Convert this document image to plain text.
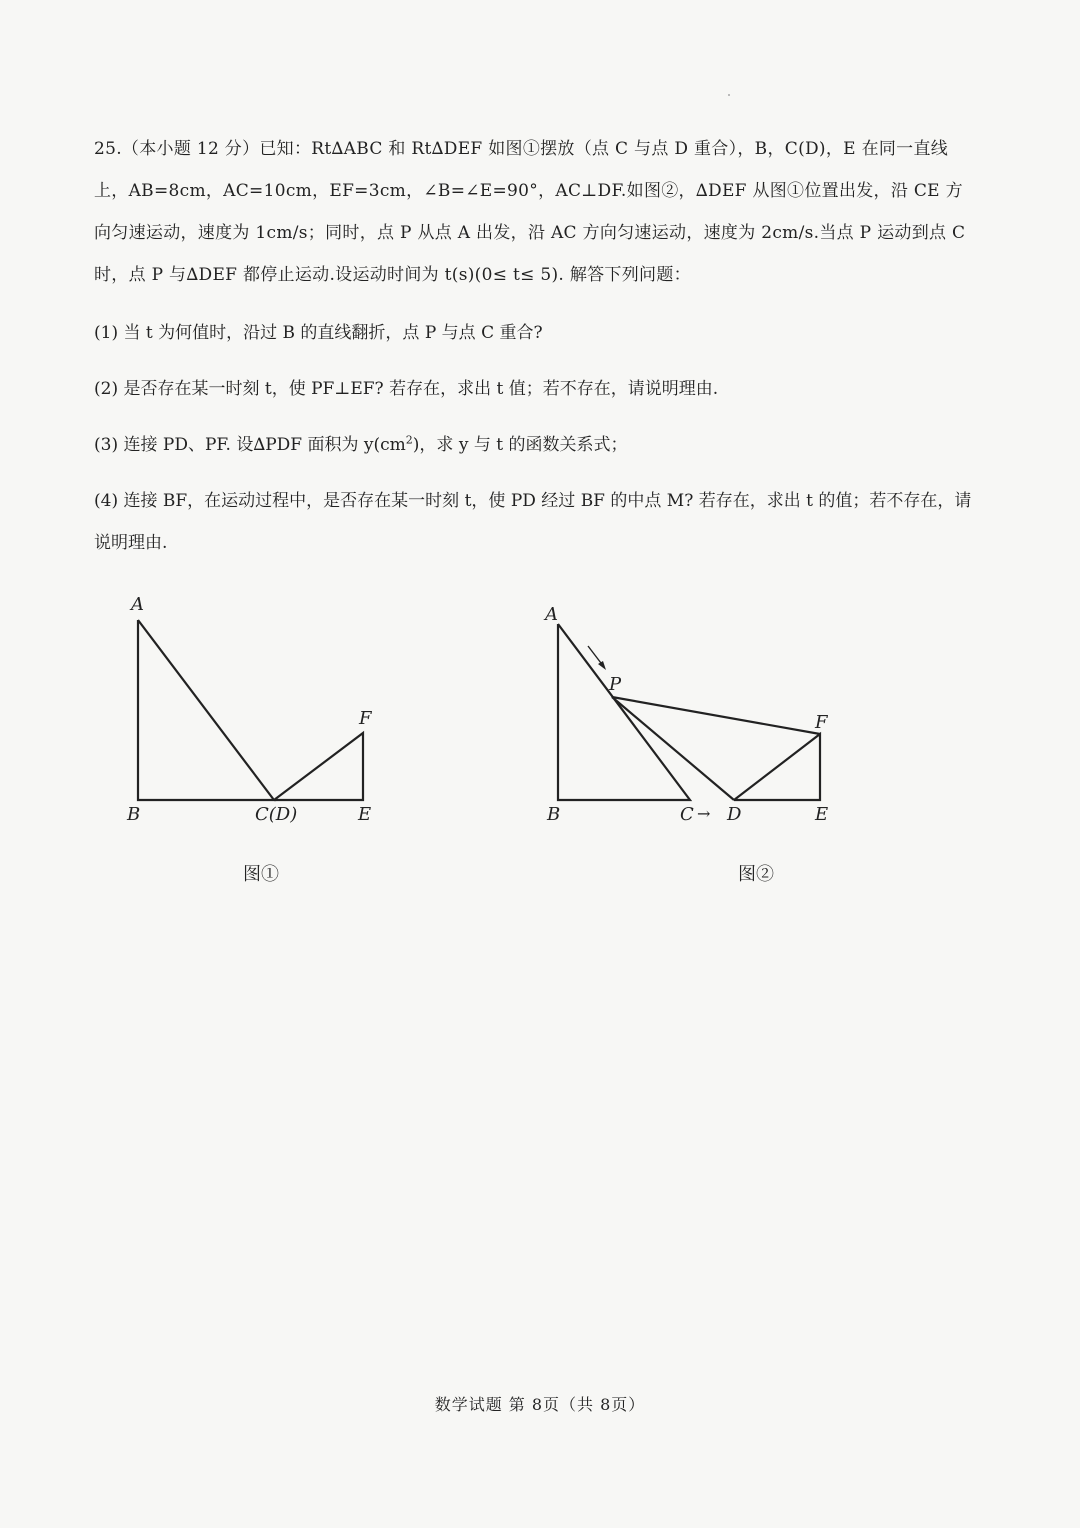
25.（本小题 12 分）已知：Rt∆ABC 和 Rt∆DEF 如图①摆放（点 C 与点 D 重合），B，C(D)，E 在同一直线上，AB=8cm，AC=10cm，EF=3cm，∠B=∠E=90°，AC⊥DF.如图②，∆DEF 从图①位置出发，沿 CE 方向匀速运动，速度为 1cm/s；同时，点 P 从点 A 出发，沿 AC 方向匀速运动，速度为 2cm/s.当点 P 运动到点 C 时，点 P 与∆DEF 都停止运动.设运动时间为 t(s)(0≤ t≤ 5). 解答下列问题：

(1) 当 t 为何值时，沿过 B 的直线翻折，点 P 与点 C 重合?
(2) 是否存在某一时刻 t，使 PF⊥EF? 若存在，求出 t 值；若不存在，请说明理由.
(3) 连接 PD、PF. 设∆PDF 面积为 $y(cm^2)$，求 y 与 t 的函数关系式；
(4) 连接 BF，在运动过程中，是否存在某一时刻 t，使 PD 经过 BF 的中点 M? 若存在，求出 t 的值；若不存在，请说明理由.
A
B	C(D)	E
F
图①
A
P
B	C → D	E
F
图②
数学试题 第 8页（共 8页）
